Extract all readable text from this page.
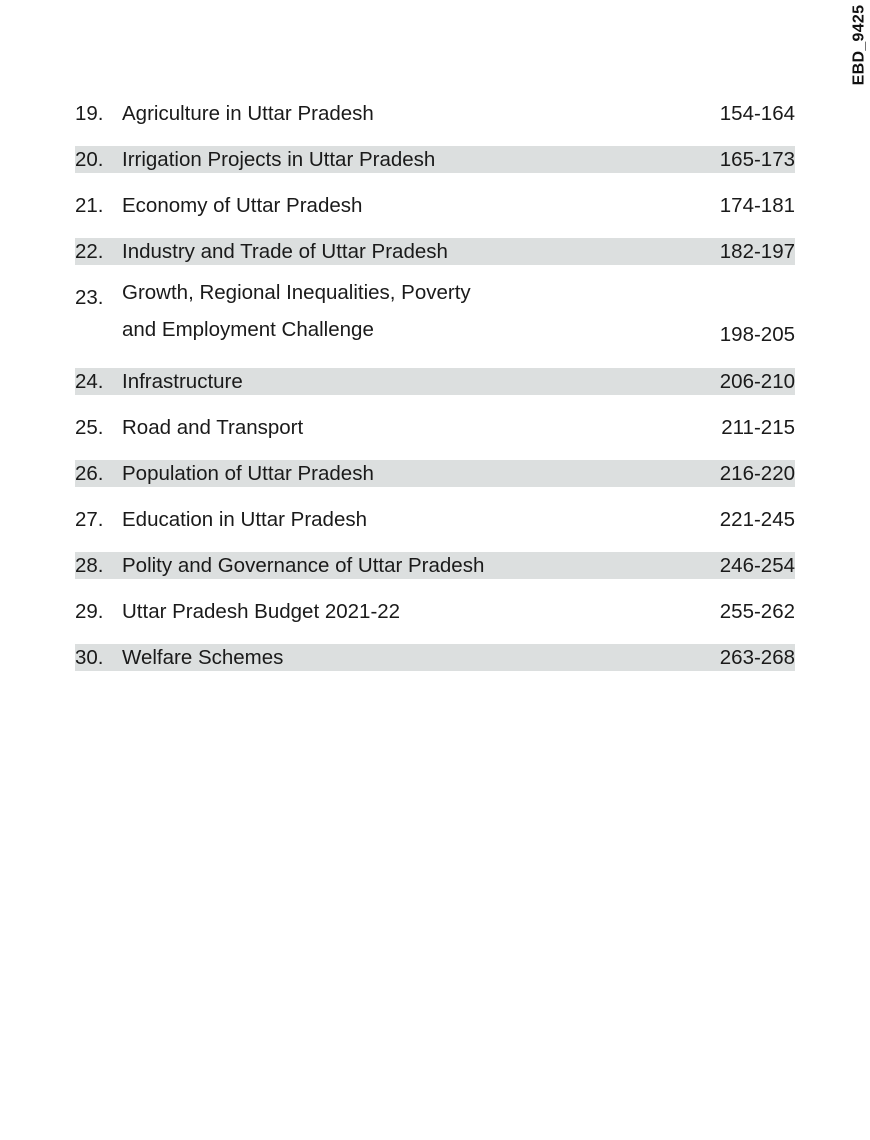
EBD_9425
19. Agriculture in Uttar Pradesh	154-164
20. Irrigation Projects in Uttar Pradesh	165-173
21. Economy of Uttar Pradesh	174-181
22. Industry and Trade of Uttar Pradesh	182-197
23. Growth, Regional Inequalities, Poverty
and Employment Challenge	198-205
24. Infrastructure	206-210
25. Road and Transport	211-215
26. Population of Uttar Pradesh	216-220
27. Education in Uttar Pradesh	221-245
28. Polity and Governance of Uttar Pradesh	246-254
29. Uttar Pradesh Budget 2021-22	255-262
30. Welfare Schemes	263-268
